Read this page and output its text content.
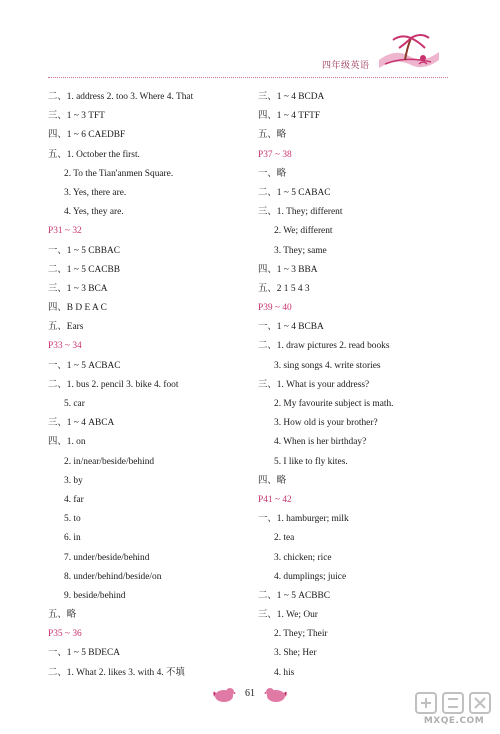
四年级英语
二、1. address 2. too 3. Where 4. That
三、1 ~ 3 TFT
四、1 ~ 6 CAEDBF
五、1. October the first.
2. To the Tian'anmen Square.
3. Yes, there are.
4. Yes, they are.
P31 ~ 32
一、1 ~ 5 CBBAC
二、1 ~ 5 CACBB
三、1 ~ 3 BCA
四、B D E A C
五、Ears
P33 ~ 34
一、1 ~ 5 ACBAC
二、1. bus 2. pencil 3. bike 4. foot
5. car
三、1 ~ 4 ABCA
四、1. on
2. in/near/beside/behind
3. by
4. far
5. to
6. in
7. under/beside/behind
8. under/behind/beside/on
9. beside/behind
五、略
P35 ~ 36
一、1 ~ 5 BDECA
二、1. What 2. likes 3. with 4. 不填
三、1 ~ 4 BCDA
四、1 ~ 4 TFTF
五、略
P37 ~ 38
一、略
二、1 ~ 5 CABAC
三、1. They; different
2. We; different
3. They; same
四、1 ~ 3 BBA
五、2 1 5 4 3
P39 ~ 40
一、1 ~ 4 BCBA
二、1. draw pictures 2. read books
3. sing songs 4. write stories
三、1. What is your address?
2. My favourite subject is math.
3. How old is your brother?
4. When is her birthday?
5. I like to fly kites.
四、略
P41 ~ 42
一、1. hamburger; milk
2. tea
3. chicken; rice
4. dumplings; juice
二、1 ~ 5 ACBBC
三、1. We; Our
2. They; Their
3. She; Her
4. his
61
MXQE.COM
